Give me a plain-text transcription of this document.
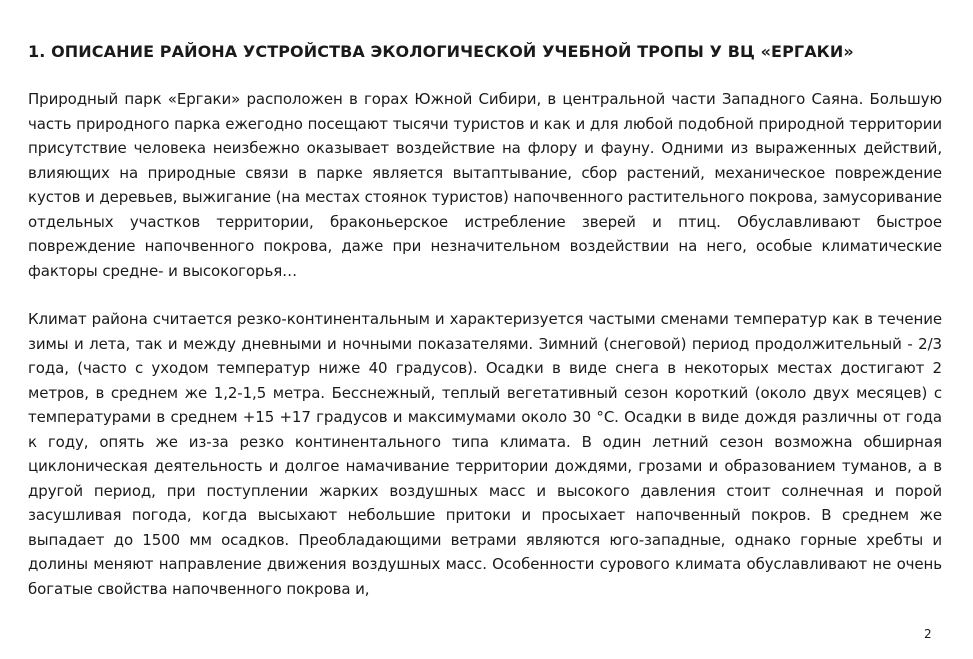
1. ОПИСАНИЕ РАЙОНА УСТРОЙСТВА ЭКОЛОГИЧЕСКОЙ УЧЕБНОЙ ТРОПЫ У ВЦ «ЕРГАКИ»

Природный парк «Ергаки» расположен в горах Южной Сибири, в центральной части Западного Саяна. Большую часть природного парка ежегодно посещают тысячи туристов и как и для любой подобной природной территории присутствие человека неизбежно оказывает воздействие на флору и фауну. Одними из выраженных действий, влияющих на природные связи в парке является вытаптывание, сбор растений, механическое повреждение кустов и деревьев, выжигание (на местах стоянок туристов) напочвенного растительного покрова, замусоривание отдельных участков территории, браконьерское истребление зверей и птиц. Обуславливают быстрое повреждение напочвенного покрова, даже при незначительном воздействии на него, особые климатические факторы средне- и высокогорья…

Климат района считается резко-континентальным и характеризуется частыми сменами температур как в течение зимы и лета, так и между дневными и ночными показателями. Зимний (снеговой) период продолжительный - 2/3 года, (часто с уходом температур ниже 40 градусов). Осадки в виде снега в некоторых местах достигают 2 метров, в среднем же 1,2-1,5 метра. Бесснежный, теплый вегетативный сезон короткий (около двух месяцев) с температурами в среднем +15 +17 градусов и максимумами около 30 °С. Осадки в виде дождя различны от года к году, опять же из-за резко континентального типа климата. В один летний сезон возможна обширная циклоническая деятельность и долгое намачивание территории дождями, грозами и образованием туманов, а в другой период, при поступлении жарких воздушных масс и высокого давления стоит солнечная и порой засушливая погода, когда высыхают небольшие притоки и просыхает напочвенный покров. В среднем же выпадает до 1500 мм осадков. Преобладающими ветрами являются юго-западные, однако горные хребты и долины меняют направление движения воздушных масс. Особенности сурового климата обуславливают не очень богатые свойства напочвенного покрова и,

2
